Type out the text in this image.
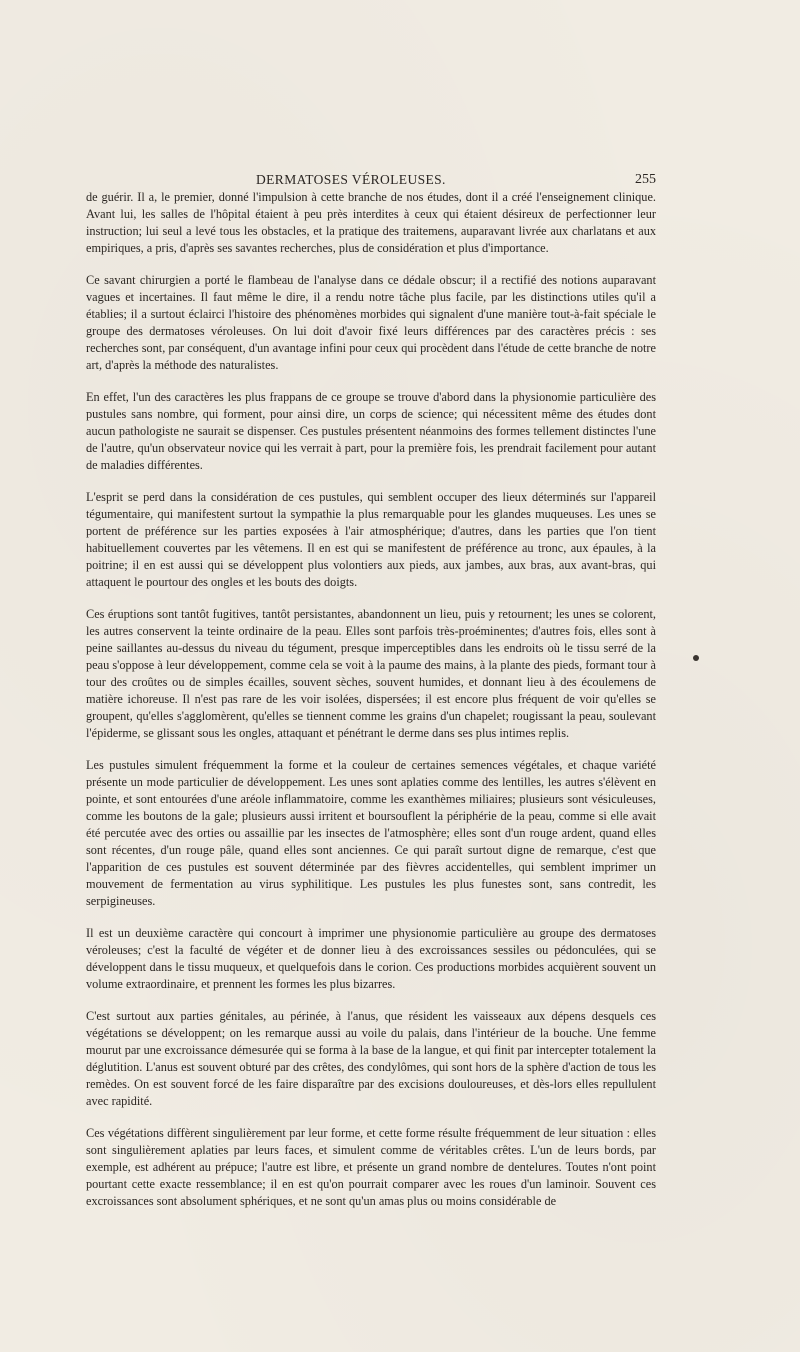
DERMATOSES VÉROLEUSES.	255

de guérir. Il a, le premier, donné l'impulsion à cette branche de nos études, dont il a créé l'enseignement clinique. Avant lui, les salles de l'hôpital étaient à peu près interdites à ceux qui étaient désireux de perfectionner leur instruction; lui seul a levé tous les obstacles, et la pratique des traitemens, auparavant livrée aux charlatans et aux empiriques, a pris, d'après ses savantes recherches, plus de considération et plus d'importance.

Ce savant chirurgien a porté le flambeau de l'analyse dans ce dédale obscur; il a rectifié des notions auparavant vagues et incertaines. Il faut même le dire, il a rendu notre tâche plus facile, par les distinctions utiles qu'il a établies; il a surtout éclairci l'histoire des phénomènes morbides qui signalent d'une manière tout-à-fait spéciale le groupe des dermatoses véroleuses. On lui doit d'avoir fixé leurs différences par des caractères précis : ses recherches sont, par conséquent, d'un avantage infini pour ceux qui procèdent dans l'étude de cette branche de notre art, d'après la méthode des naturalistes.

En effet, l'un des caractères les plus frappans de ce groupe se trouve d'abord dans la physionomie particulière des pustules sans nombre, qui forment, pour ainsi dire, un corps de science; qui nécessitent même des études dont aucun pathologiste ne saurait se dispenser. Ces pustules présentent néanmoins des formes tellement distinctes l'une de l'autre, qu'un observateur novice qui les verrait à part, pour la première fois, les prendrait facilement pour autant de maladies différentes.

L'esprit se perd dans la considération de ces pustules, qui semblent occuper des lieux déterminés sur l'appareil tégumentaire, qui manifestent surtout la sympathie la plus remarquable pour les glandes muqueuses. Les unes se portent de préférence sur les parties exposées à l'air atmosphérique; d'autres, dans les parties que l'on tient habituellement couvertes par les vêtemens. Il en est qui se manifestent de préférence au tronc, aux épaules, à la poitrine; il en est aussi qui se développent plus volontiers aux pieds, aux jambes, aux bras, aux avant-bras, qui attaquent le pourtour des ongles et les bouts des doigts.

Ces éruptions sont tantôt fugitives, tantôt persistantes, abandonnent un lieu, puis y retournent; les unes se colorent, les autres conservent la teinte ordinaire de la peau. Elles sont parfois très-proéminentes; d'autres fois, elles sont à peine saillantes au-dessus du niveau du tégument, presque imperceptibles dans les endroits où le tissu serré de la peau s'oppose à leur développement, comme cela se voit à la paume des mains, à la plante des pieds, formant tour à tour des croûtes ou de simples écailles, souvent sèches, souvent humides, et donnant lieu à des écoulemens de matière ichoreuse. Il n'est pas rare de les voir isolées, dispersées; il est encore plus fréquent de voir qu'elles se groupent, qu'elles s'agglomèrent, qu'elles se tiennent comme les grains d'un chapelet; rougissant la peau, soulevant l'épiderme, se glissant sous les ongles, attaquant et pénétrant le derme dans ses plus intimes replis.

Les pustules simulent fréquemment la forme et la couleur de certaines semences végétales, et chaque variété présente un mode particulier de développement. Les unes sont aplaties comme des lentilles, les autres s'élèvent en pointe, et sont entourées d'une aréole inflammatoire, comme les exanthèmes miliaires; plusieurs sont vésiculeuses, comme les boutons de la gale; plusieurs aussi irritent et boursouflent la périphérie de la peau, comme si elle avait été percutée avec des orties ou assaillie par les insectes de l'atmosphère; elles sont d'un rouge ardent, quand elles sont récentes, d'un rouge pâle, quand elles sont anciennes. Ce qui paraît surtout digne de remarque, c'est que l'apparition de ces pustules est souvent déterminée par des fièvres accidentelles, qui semblent imprimer un mouvement de fermentation au virus syphilitique. Les pustules les plus funestes sont, sans contredit, les serpigineuses.

Il est un deuxième caractère qui concourt à imprimer une physionomie particulière au groupe des dermatoses véroleuses; c'est la faculté de végéter et de donner lieu à des excroissances sessiles ou pédonculées, qui se développent dans le tissu muqueux, et quelquefois dans le corion. Ces productions morbides acquièrent souvent un volume extraordinaire, et prennent les formes les plus bizarres.

C'est surtout aux parties génitales, au périnée, à l'anus, que résident les vaisseaux aux dépens desquels ces végétations se développent; on les remarque aussi au voile du palais, dans l'intérieur de la bouche. Une femme mourut par une excroissance démesurée qui se forma à la base de la langue, et qui finit par intercepter totalement la déglutition. L'anus est souvent obturé par des crêtes, des condylômes, qui sont hors de la sphère d'action de tous les remèdes. On est souvent forcé de les faire disparaître par des excisions douloureuses, et dès-lors elles repullulent avec rapidité.

Ces végétations diffèrent singulièrement par leur forme, et cette forme résulte fréquemment de leur situation : elles sont singulièrement aplaties par leurs faces, et simulent comme de véritables crêtes. L'un de leurs bords, par exemple, est adhérent au prépuce; l'autre est libre, et présente un grand nombre de dentelures. Toutes n'ont point pourtant cette exacte ressemblance; il en est qu'on pourrait comparer avec les roues d'un laminoir. Souvent ces excroissances sont absolument sphériques, et ne sont qu'un amas plus ou moins considérable de
